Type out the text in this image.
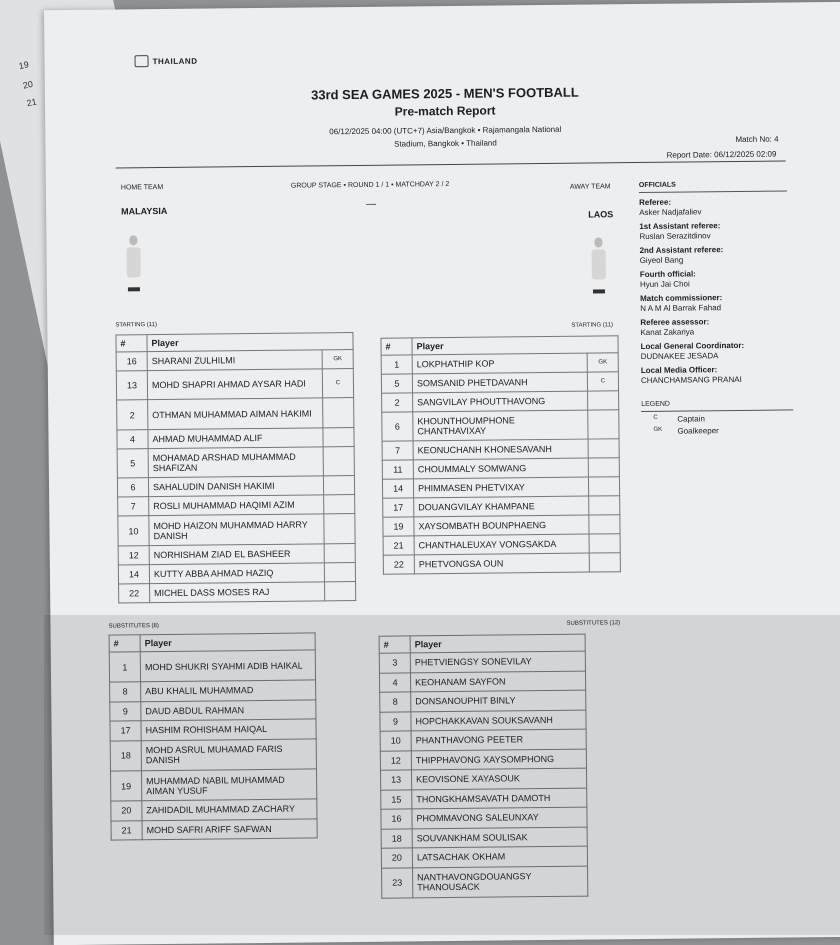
19
20
21
THAILAND
33rd SEA GAMES 2025 - MEN'S FOOTBALL
Pre-match Report
06/12/2025 04:00 (UTC+7) Asia/Bangkok • Rajamangala National
Stadium, Bangkok • Thailand	Match No: 4
Report Date: 06/12/2025 02:09
HOME TEAM	GROUP STAGE ▪ ROUND 1 / 1 ▪ MATCHDAY 2 / 2	AWAY TEAM
MALAYSIA
—
LAOS
OFFICIALS
Referee:
Asker Nadjafaliev
1st Assistant referee:
Ruslan Serazitdinov
2nd Assistant referee:
Giyeol Bang
Fourth official:
Hyun Jai Choi
Match commissioner:
N A M Al Barrak Fahad
Referee assessor:
Kanat Zakariya
Local General Coordinator:
DUDNAKEE JESADA
Local Media Officer:
CHANCHAMSANG PRANAI
LEGEND
C	Captain
GK Goalkeeper
STARTING (11)	STARTING (11)
SUBSTITUTES (8)	SUBSTITUTES (12)
#	Player	
16	SHARANI ZULHILMI	GK
13	MOHD SHAPRI AHMAD AYSAR HADI	C
2	OTHMAN MUHAMMAD AIMAN HAKIMI	
4	AHMAD MUHAMMAD ALIF	
5	MOHAMAD ARSHAD MUHAMMAD SHAFIZAN	
6	SAHALUDIN DANISH HAKIMI	
7	ROSLI MUHAMMAD HAQIMI AZIM	
10	MOHD HAIZON MUHAMMAD HARRY DANISH	
12	NORHISHAM ZIAD EL BASHEER	
14	KUTTY ABBA AHMAD HAZIQ	
22	MICHEL DASS MOSES RAJ	
#	Player	
1	LOKPHATHIP KOP	GK
5	SOMSANID PHETDAVANH	C
2	SANGVILAY PHOUTTHAVONG	
6	KHOUNTHOUMPHONE CHANTHAVIXAY	
7	KEONUCHANH KHONESAVANH	
11	CHOUMMALY SOMWANG	
14	PHIMMASEN PHETVIXAY	
17	DOUANGVILAY KHAMPANE	
19	XAYSOMBATH BOUNPHAENG	
21	CHANTHALEUXAY VONGSAKDA	
22	PHETVONGSA OUN	
#	Player
1	MOHD SHUKRI SYAHMI ADIB HAIKAL
8	ABU KHALIL MUHAMMAD
9	DAUD ABDUL RAHMAN
17	HASHIM ROHISHAM HAIQAL
18	MOHD ASRUL MUHAMAD FARIS DANISH
19	MUHAMMAD NABIL MUHAMMAD AIMAN YUSUF
20	ZAHIDADIL MUHAMMAD ZACHARY
21	MOHD SAFRI ARIFF SAFWAN
#	Player
3	PHETVIENGSY SONEVILAY
4	KEOHANAM SAYFON
8	DONSANOUPHIT BINLY
9	HOPCHAKKAVAN SOUKSAVANH
10	PHANTHAVONG PEETER
12	THIPPHAVONG XAYSOMPHONG
13	KEOVISONE XAYASOUK
15	THONGKHAMSAVATH DAMOTH
16	PHOMMAVONG SALEUNXAY
18	SOUVANKHAM SOULISAK
20	LATSACHAK OKHAM
23	NANTHAVONGDOUANGSY THANOUSACK
